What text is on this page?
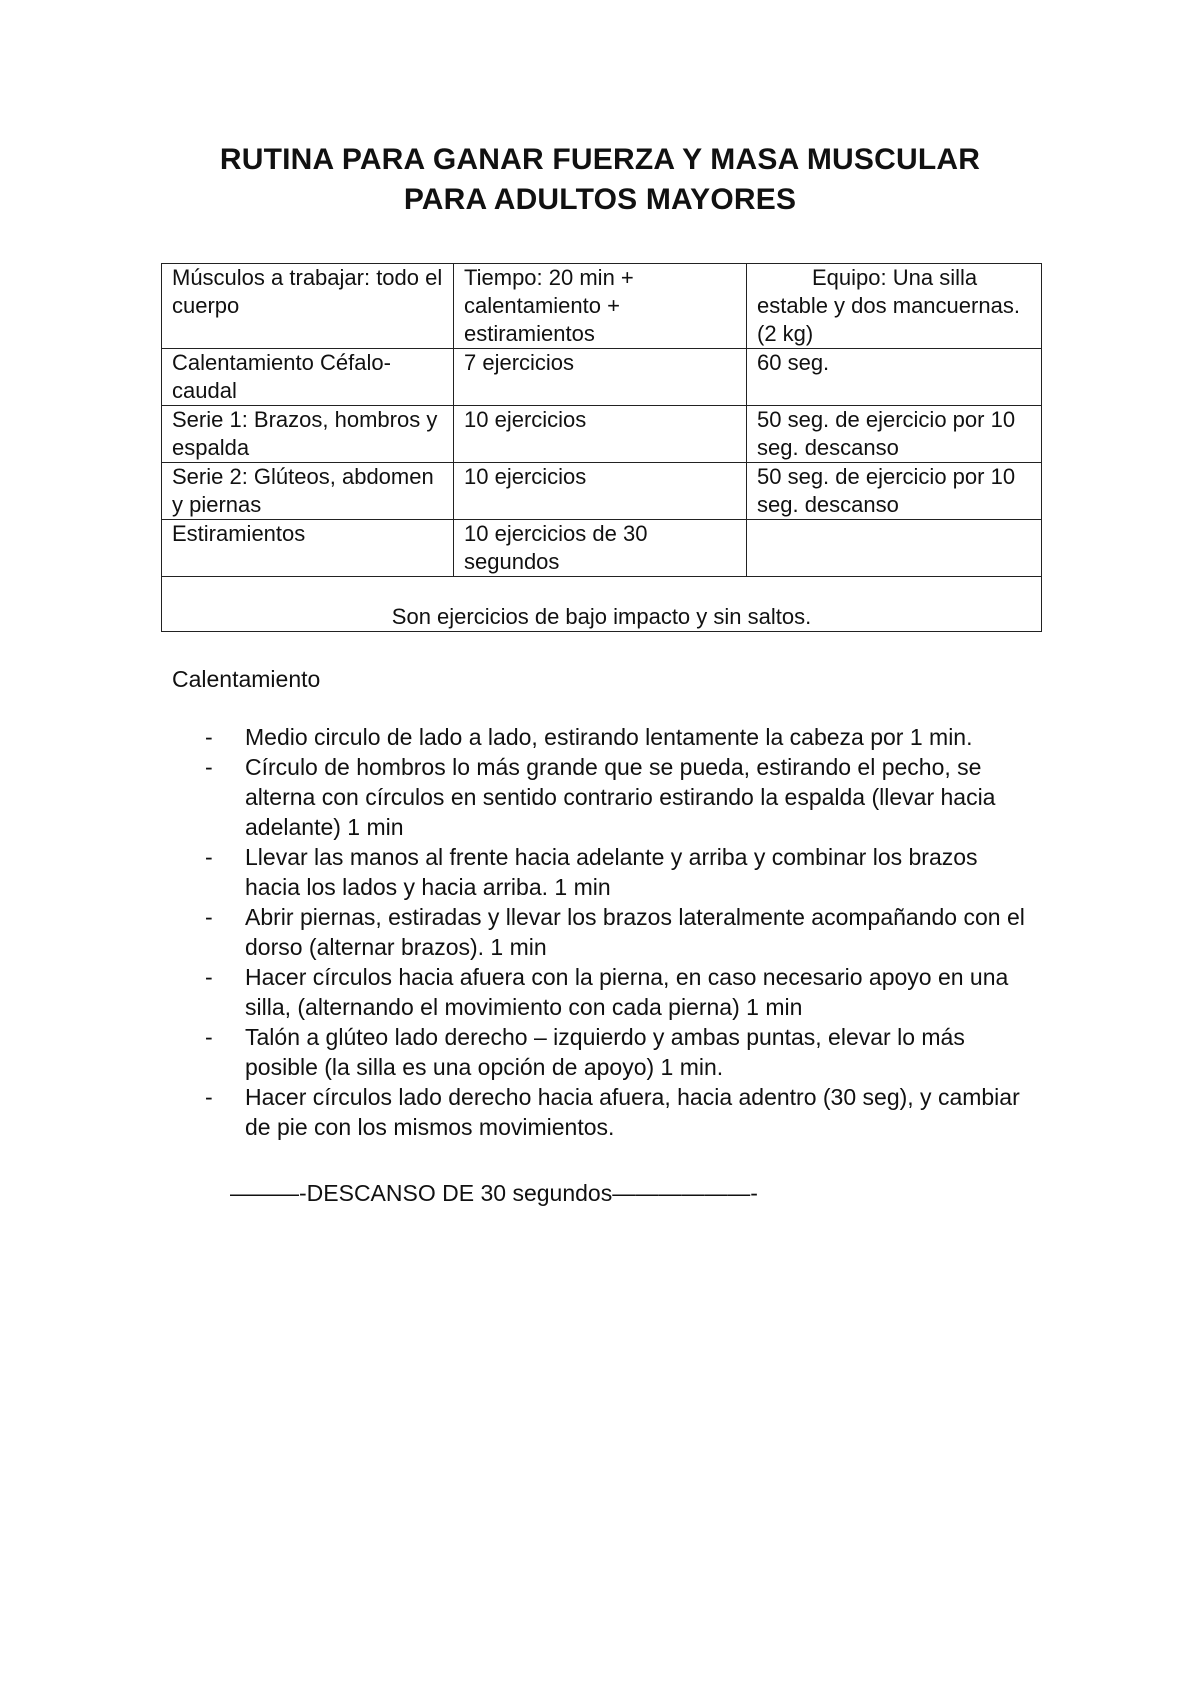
RUTINA PARA GANAR FUERZA Y MASA MUSCULAR
PARA ADULTOS MAYORES
Músculos a trabajar: todo el cuerpo	Tiempo: 20 min + calentamiento + estiramientos	Equipo: Una silla estable y dos mancuernas. (2 kg)
Calentamiento Céfalo-caudal	7 ejercicios	60 seg.
Serie 1: Brazos, hombros y espalda	10 ejercicios	50 seg. de ejercicio por 10 seg. descanso
Serie 2: Glúteos, abdomen y piernas	10 ejercicios	50 seg. de ejercicio por 10 seg. descanso
Estiramientos	10 ejercicios de 30 segundos	
Son ejercicios de bajo impacto y sin saltos.		
Calentamiento
- Medio circulo de lado a lado, estirando lentamente la cabeza por 1 min.
- Círculo de hombros lo más grande que se pueda, estirando el pecho, se alterna con círculos en sentido contrario estirando la espalda (llevar hacia adelante) 1 min
- Llevar las manos al frente hacia adelante y arriba y combinar los brazos hacia los lados y hacia arriba. 1 min
- Abrir piernas, estiradas y llevar los brazos lateralmente acompañando con el dorso (alternar brazos). 1 min
- Hacer círculos hacia afuera con la pierna, en caso necesario apoyo en una silla, (alternando el movimiento con cada pierna) 1 min
- Talón a glúteo lado derecho – izquierdo y ambas puntas, elevar lo más posible (la silla es una opción de apoyo) 1 min.
- Hacer círculos lado derecho hacia afuera, hacia adentro (30 seg), y cambiar de pie con los mismos movimientos.
———-DESCANSO DE 30 segundos——————-
